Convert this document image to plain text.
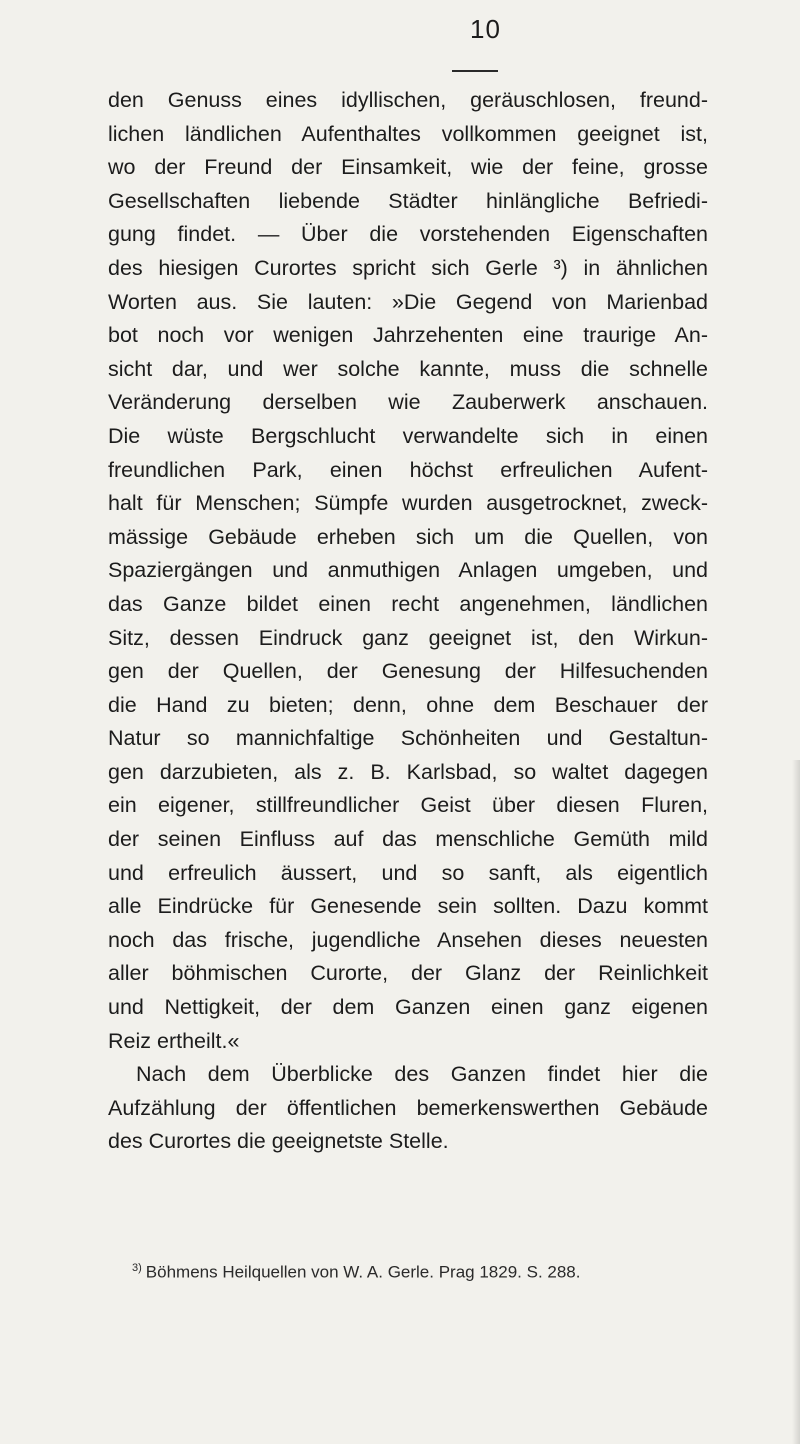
10
den Genuss eines idyllischen, geräuschlosen, freund-
lichen ländlichen Aufenthaltes vollkommen geeignet ist,
wo der Freund der Einsamkeit, wie der feine, grosse
Gesellschaften liebende Städter hinlängliche Befriedi-
gung findet. — Über die vorstehenden Eigenschaften
des hiesigen Curortes spricht sich Gerle ³) in ähnlichen
Worten aus. Sie lauten: »Die Gegend von Marienbad
bot noch vor wenigen Jahrzehenten eine traurige An-
sicht dar, und wer solche kannte, muss die schnelle
Veränderung derselben wie Zauberwerk anschauen.
Die wüste Bergschlucht verwandelte sich in einen
freundlichen Park, einen höchst erfreulichen Aufent-
halt für Menschen; Sümpfe wurden ausgetrocknet, zweck-
mässige Gebäude erheben sich um die Quellen, von
Spaziergängen und anmuthigen Anlagen umgeben, und
das Ganze bildet einen recht angenehmen, ländlichen
Sitz, dessen Eindruck ganz geeignet ist, den Wirkun-
gen der Quellen, der Genesung der Hilfesuchenden
die Hand zu bieten; denn, ohne dem Beschauer der
Natur so mannichfaltige Schönheiten und Gestaltun-
gen darzubieten, als z. B. Karlsbad, so waltet dagegen
ein eigener, stillfreundlicher Geist über diesen Fluren,
der seinen Einfluss auf das menschliche Gemüth mild
und erfreulich äussert, und so sanft, als eigentlich
alle Eindrücke für Genesende sein sollten. Dazu kommt
noch das frische, jugendliche Ansehen dieses neuesten
aller böhmischen Curorte, der Glanz der Reinlichkeit
und Nettigkeit, der dem Ganzen einen ganz eigenen
Reiz ertheilt.«
Nach dem Überblicke des Ganzen findet hier die
Aufzählung der öffentlichen bemerkenswerthen Gebäude
des Curortes die geeignetste Stelle.
$^{3)}$ Böhmens Heilquellen von W. A. Gerle. Prag 1829. S. 288.
